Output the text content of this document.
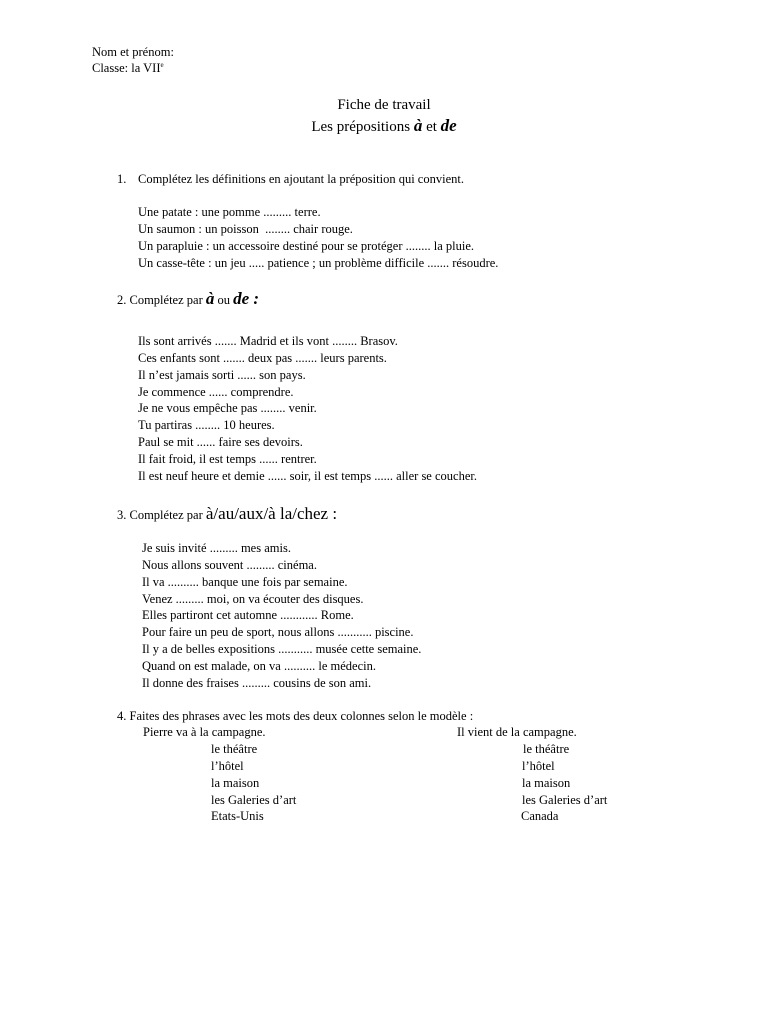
Nom et prénom:
Classe: la VIIe
Fiche de travail
Les prépositions à et de
1. Complétez les définitions en ajoutant la préposition qui convient.
Une patate : une pomme ......... terre.
Un saumon : un poisson  ........ chair rouge.
Un parapluie : un accessoire destiné pour se protéger ........ la pluie.
Un casse-tête : un jeu ..... patience ; un problème difficile ....... résoudre.
2. Complétez par à ou de :
Ils sont arrivés ....... Madrid et ils vont ........ Brasov.
Ces enfants sont ....... deux pas ....... leurs parents.
Il n’est jamais sorti ...... son pays.
Je commence ...... comprendre.
Je ne vous empêche pas ........ venir.
Tu partiras ........ 10 heures.
Paul se mit ...... faire ses devoirs.
Il fait froid, il est temps ...... rentrer.
Il est neuf heure et demie ...... soir, il est temps ...... aller se coucher.
3. Complétez par à/au/aux/à la/chez :
Je suis invité ......... mes amis.
Nous allons souvent ......... cinéma.
Il va .......... banque une fois par semaine.
Venez ......... moi, on va écouter des disques.
Elles partiront cet automne ............ Rome.
Pour faire un peu de sport, nous allons ........... piscine.
Il y a de belles expositions ........... musée cette semaine.
Quand on est malade, on va .......... le médecin.
Il donne des fraises ......... cousins de son ami.
4. Faites des phrases avec les mots des deux colonnes selon le modèle :
Pierre va à la campagne.	Il vient de la campagne.
le théâtre
l’hôtel
la maison
les Galeries d’art
Etats-Unis
le théâtre
l’hôtel
la maison
les Galeries d’art
Canada
